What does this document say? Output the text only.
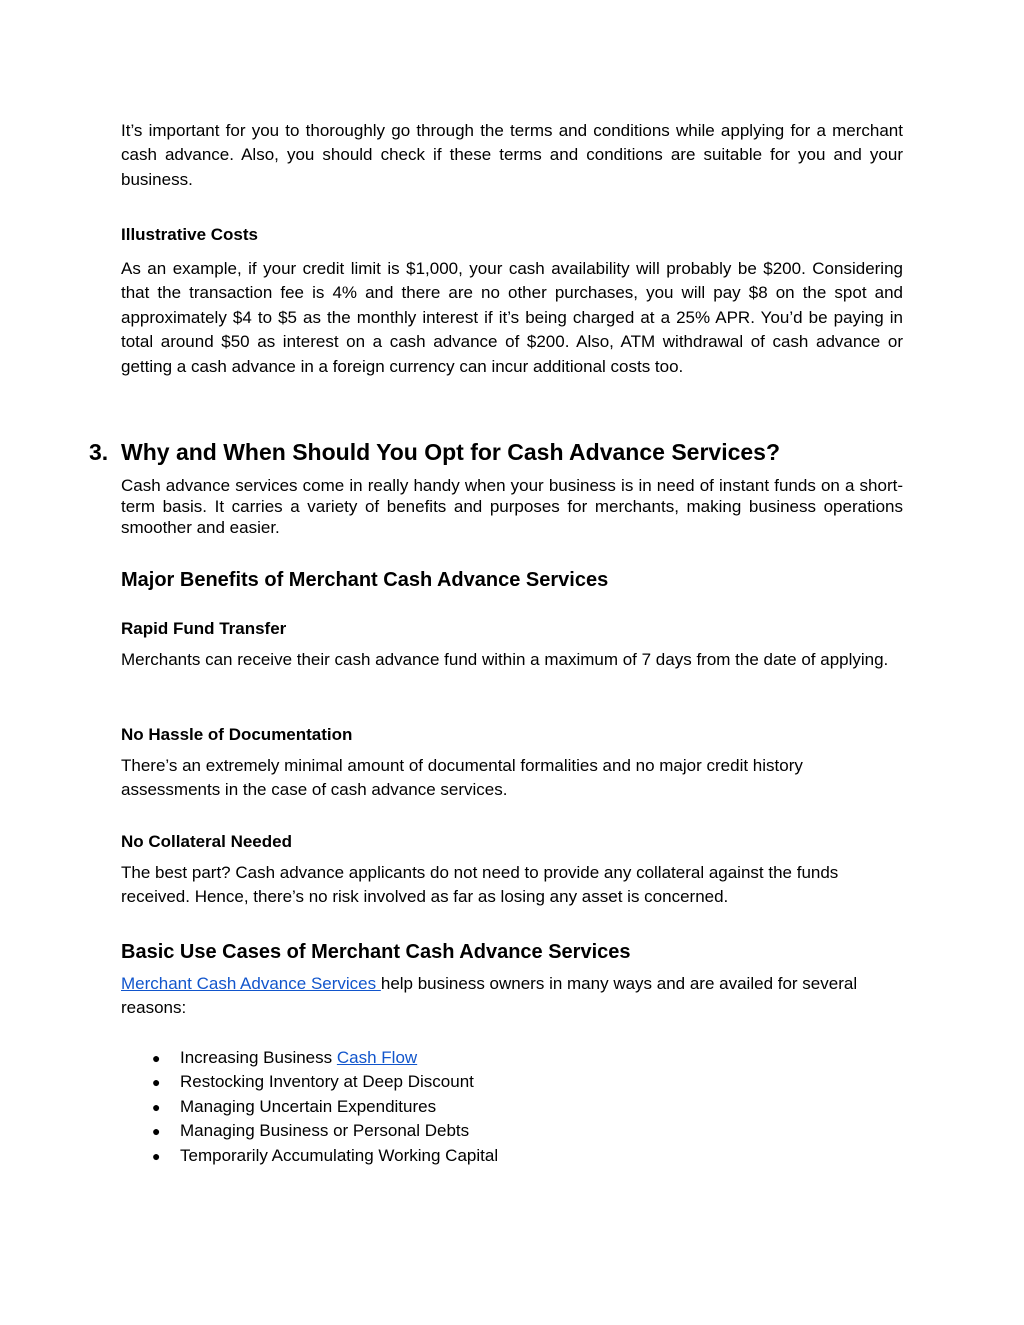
It’s important for you to thoroughly go through the terms and conditions while applying for a merchant cash advance. Also, you should check if these terms and conditions are suitable for you and your business.

Illustrative Costs

As an example, if your credit limit is $1,000, your cash availability will probably be $200. Considering that the transaction fee is 4% and there are no other purchases, you will pay $8 on the spot and approximately $4 to $5 as the monthly interest if it’s being charged at a 25% APR. You’d be paying in total around $50 as interest on a cash advance of $200. Also, ATM withdrawal of cash advance or getting a cash advance in a foreign currency can incur additional costs too.

3. Why and When Should You Opt for Cash Advance Services?

Cash advance services come in really handy when your business is in need of instant funds on a short-term basis. It carries a variety of benefits and purposes for merchants, making business operations smoother and easier.

Major Benefits of Merchant Cash Advance Services
Rapid Fund Transfer

Merchants can receive their cash advance fund within a maximum of 7 days from the date of applying.

No Hassle of Documentation

There’s an extremely minimal amount of documental formalities and no major credit history assessments in the case of cash advance services.

No Collateral Needed

The best part? Cash advance applicants do not need to provide any collateral against the funds received. Hence, there’s no risk involved as far as losing any asset is concerned.

Basic Use Cases of Merchant Cash Advance Services

Merchant Cash Advance Services help business owners in many ways and are availed for several reasons:

● Increasing Business Cash Flow
● Restocking Inventory at Deep Discount
● Managing Uncertain Expenditures
● Managing Business or Personal Debts
● Temporarily Accumulating Working Capital
